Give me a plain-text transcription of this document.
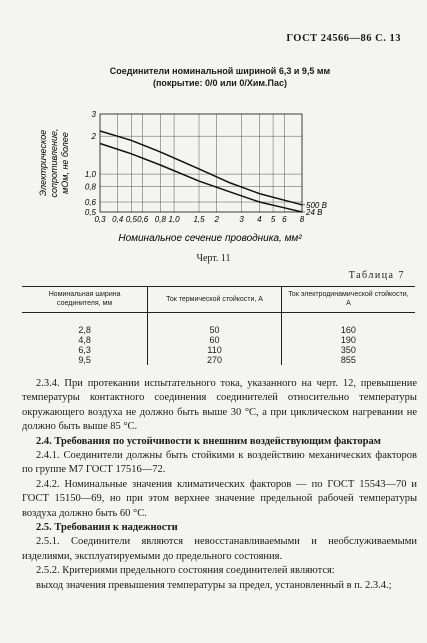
ГОСТ 24566—86 С. 13
Соединители номинальной шириной 6,3 и 9,5 мм
(покрытие: 0/0 или 0/Хим.Пас)
Электрическое сопротивление, мОм, не более
0,3 0,4 0,5 0,6 0,8 1,0 1,5 2	3 4 5 6 8
0,5
0,6
0,8
1,0
2
3
500 В
24 В
Номинальное сечение проводника, мм²
Черт. 11
Таблица 7
Номинальная ширина соединителя, мм	Ток термической стойкости, А	Ток электродинамической стойкости, А
2,8	50	160
4,8	60	190
6,3	110	350
9,5	270	855

2.3.4. При протекании испытательного тока, указанного на черт. 12, превышение температуры контактного соединения соединителей относительно температуры окружающего воздуха не должно быть выше 30 °С, а при циклическом нагревании не должно быть выше 85 °С.

2.4. Требования по устойчивости к внешним воздействующим факторам

2.4.1. Соединители должны быть стойкими к воздействию механических факторов по группе М7 ГОСТ 17516—72.

2.4.2. Номинальные значения климатических факторов — по ГОСТ 15543—70 и ГОСТ 15150—69, но при этом верхнее значение предельной рабочей температуры воздуха должно быть 60 °С.

2.5. Требования к надежности

2.5.1. Соединители являются невосстанавливаемыми и необслуживаемыми изделиями, эксплуатируемыми до предельного состояния.

2.5.2. Критериями предельного состояния соединителей являются:

выход значения превышения температуры за предел, установленный в п. 2.3.4.;
